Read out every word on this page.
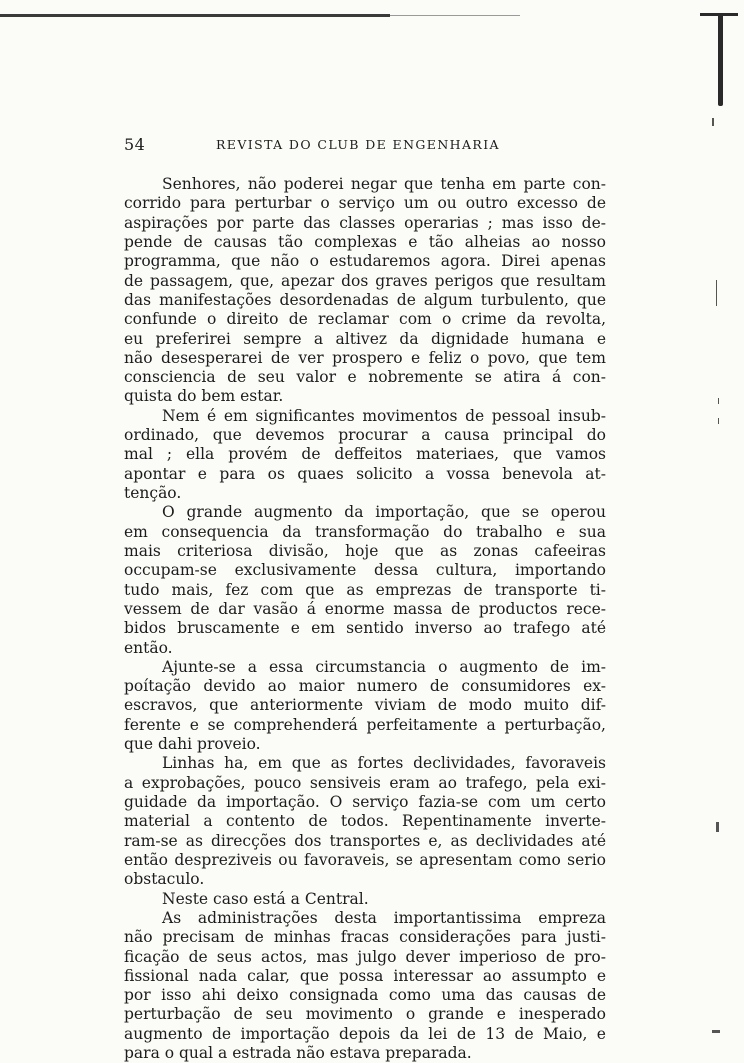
54	REVISTA DO CLUB DE ENGENHARIA
Senhores, não poderei negar que tenha em parte con-
corrido para perturbar o serviço um ou outro excesso de
aspirações por parte das classes operarias ; mas isso de-
pende de causas tão complexas e tão alheias ao nosso
programma, que não o estudaremos agora. Direi apenas
de passagem, que, apezar dos graves perigos que resultam
das manifestações desordenadas de algum turbulento, que
confunde o direito de reclamar com o crime da revolta,
eu preferirei sempre a altivez da dignidade humana e
não desesperarei de ver prospero e feliz o povo, que tem
consciencia de seu valor e nobremente se atira á con-
quista do bem estar.
Nem é em significantes movimentos de pessoal insub-
ordinado, que devemos procurar a causa principal do
mal ; ella provém de deffeitos materiaes, que vamos
apontar e para os quaes solicito a vossa benevola at-
tenção.
O grande augmento da importação, que se operou
em consequencia da transformação do trabalho e sua
mais criteriosa divisão, hoje que as zonas cafeeiras
occupam-se exclusivamente dessa cultura, importando
tudo mais, fez com que as emprezas de transporte ti-
vessem de dar vasão á enorme massa de productos rece-
bidos bruscamente e em sentido inverso ao trafego até
então.
Ajunte-se a essa circumstancia o augmento de im-
poítação devido ao maior numero de consumidores ex-
escravos, que anteriormente viviam de modo muito dif-
ferente e se comprehenderá perfeitamente a perturbação,
que dahi proveio.
Linhas ha, em que as fortes declividades, favoraveis
a exprobações, pouco sensiveis eram ao trafego, pela exi-
guidade da importação. O serviço fazia-se com um certo
material a contento de todos. Repentinamente inverte-
ram-se as direcções dos transportes e, as declividades até
então despreziveis ou favoraveis, se apresentam como serio
obstaculo.
Neste caso está a Central.
As administrações desta importantissima empreza
não precisam de minhas fracas considerações para justi-
ficação de seus actos, mas julgo dever imperioso de pro-
fissional nada calar, que possa interessar ao assumpto e
por isso ahi deixo consignada como uma das causas de
perturbação de seu movimento o grande e inesperado
augmento de importação depois da lei de 13 de Maio, e
para o qual a estrada não estava preparada.
